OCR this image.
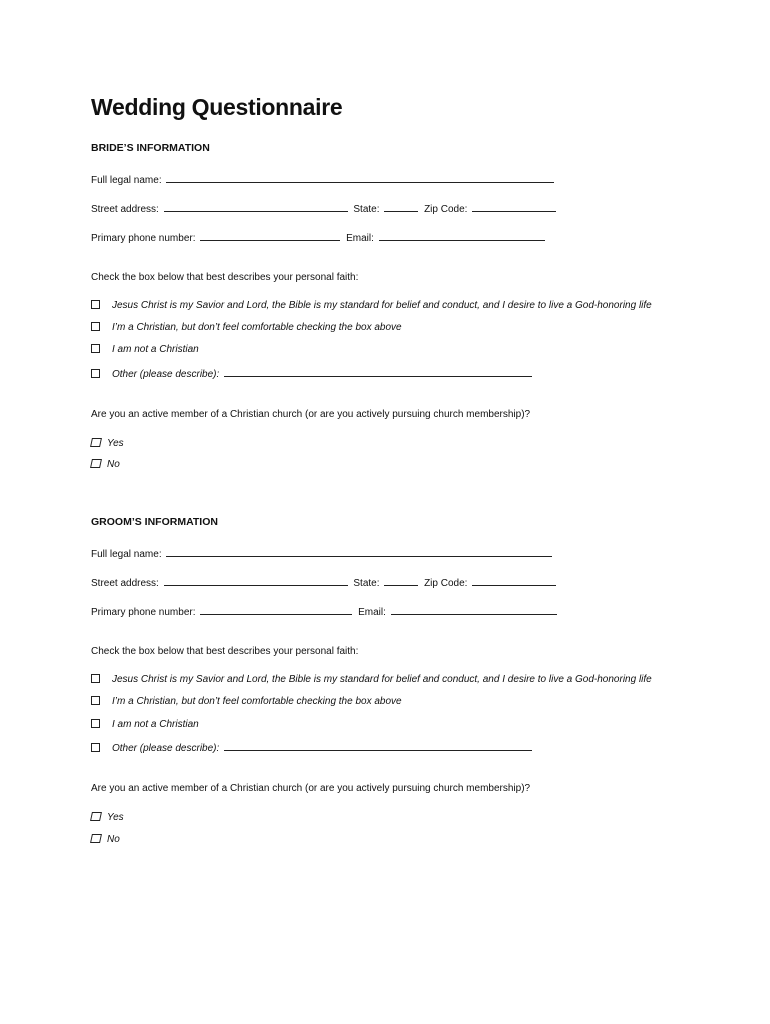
Wedding Questionnaire
BRIDE’S INFORMATION
Full legal name:
Street address:	State:	Zip Code:
Primary phone number:	Email:
Check the box below that best describes your personal faith:
Jesus Christ is my Savior and Lord, the Bible is my standard for belief and conduct, and I desire to live a God-honoring life
I’m a Christian, but don’t feel comfortable checking the box above
I am not a Christian
Other (please describe):
Are you an active member of a Christian church (or are you actively pursuing church membership)?
Yes
No
GROOM’S INFORMATION
Full legal name:
Street address:	State:	Zip Code:
Primary phone number:	Email:
Check the box below that best describes your personal faith:
Jesus Christ is my Savior and Lord, the Bible is my standard for belief and conduct, and I desire to live a God-honoring life
I’m a Christian, but don’t feel comfortable checking the box above
I am not a Christian
Other (please describe):
Are you an active member of a Christian church (or are you actively pursuing church membership)?
Yes
No
